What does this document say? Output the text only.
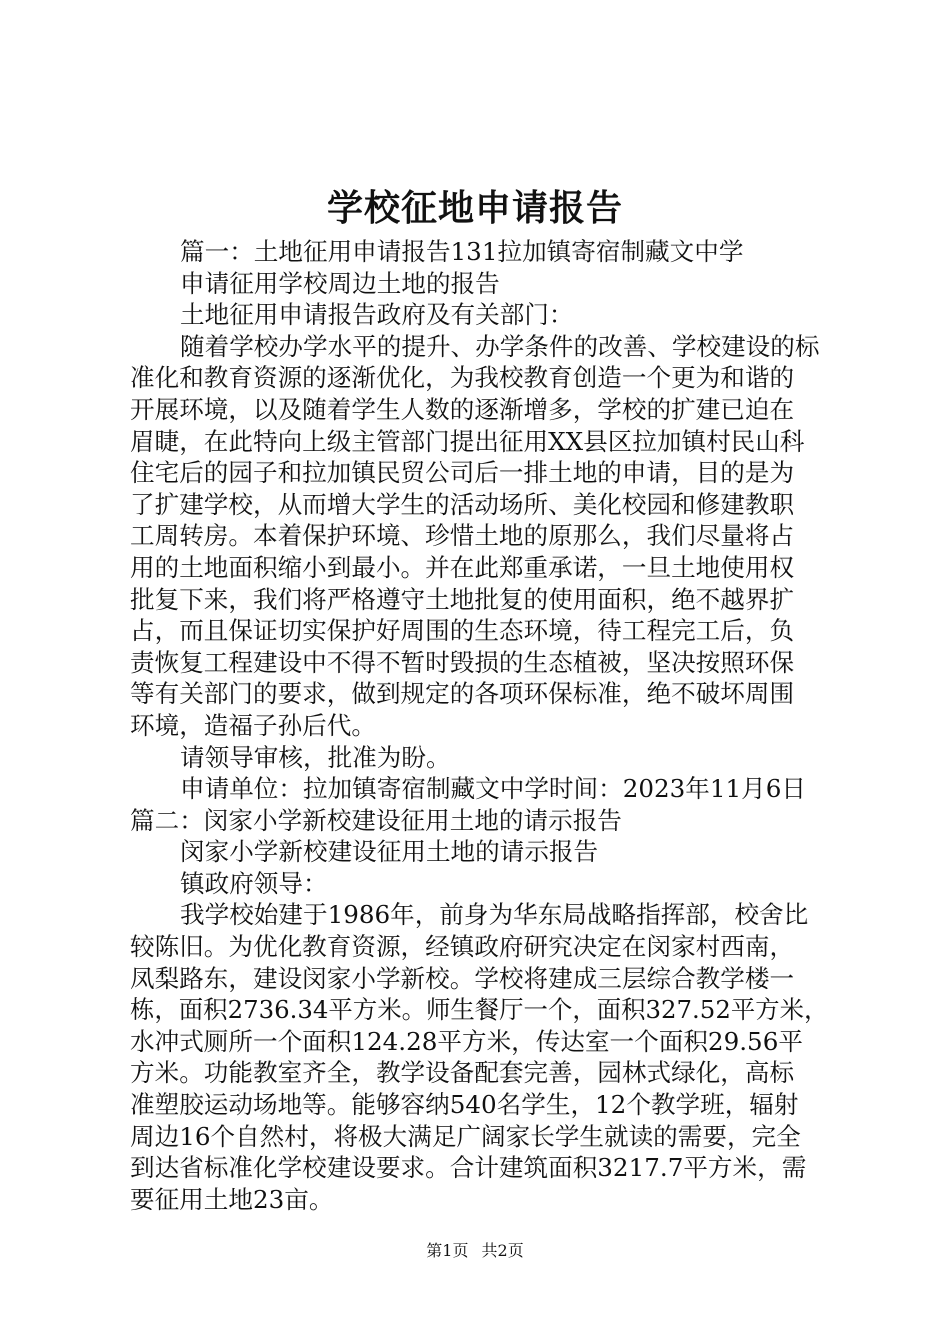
学校征地申请报告
篇一：土地征用申请报告131拉加镇寄宿制藏文中学
申请征用学校周边土地的报告
土地征用申请报告政府及有关部门：
随着学校办学水平的提升、办学条件的改善、学校建设的标
准化和教育资源的逐渐优化，为我校教育创造一个更为和谐的
开展环境，以及随着学生人数的逐渐增多，学校的扩建已迫在
眉睫，在此特向上级主管部门提出征用XX县区拉加镇村民山科
住宅后的园子和拉加镇民贸公司后一排土地的申请，目的是为
了扩建学校，从而增大学生的活动场所、美化校园和修建教职
工周转房。本着保护环境、珍惜土地的原那么，我们尽量将占
用的土地面积缩小到最小。并在此郑重承诺，一旦土地使用权
批复下来，我们将严格遵守土地批复的使用面积，绝不越界扩
占，而且保证切实保护好周围的生态环境，待工程完工后，负
责恢复工程建设中不得不暂时毁损的生态植被，坚决按照环保
等有关部门的要求，做到规定的各项环保标准，绝不破坏周围
环境，造福子孙后代。
请领导审核，批准为盼。
申请单位：拉加镇寄宿制藏文中学时间：2023年11月6日
篇二：闵家小学新校建设征用土地的请示报告
闵家小学新校建设征用土地的请示报告
镇政府领导：
我学校始建于1986年，前身为华东局战略指挥部，校舍比
较陈旧。为优化教育资源，经镇政府研究决定在闵家村西南，
凤梨路东，建设闵家小学新校。学校将建成三层综合教学楼一
栋，面积2736.34平方米。师生餐厅一个，面积327.52平方米，
水冲式厕所一个面积124.28平方米，传达室一个面积29.56平
方米。功能教室齐全，教学设备配套完善，园林式绿化，高标
准塑胶运动场地等。能够容纳540名学生，12个教学班，辐射
周边16个自然村，将极大满足广阔家长学生就读的需要，完全
到达省标准化学校建设要求。合计建筑面积3217.7平方米，需
要征用土地23亩。
第1页 共2页
